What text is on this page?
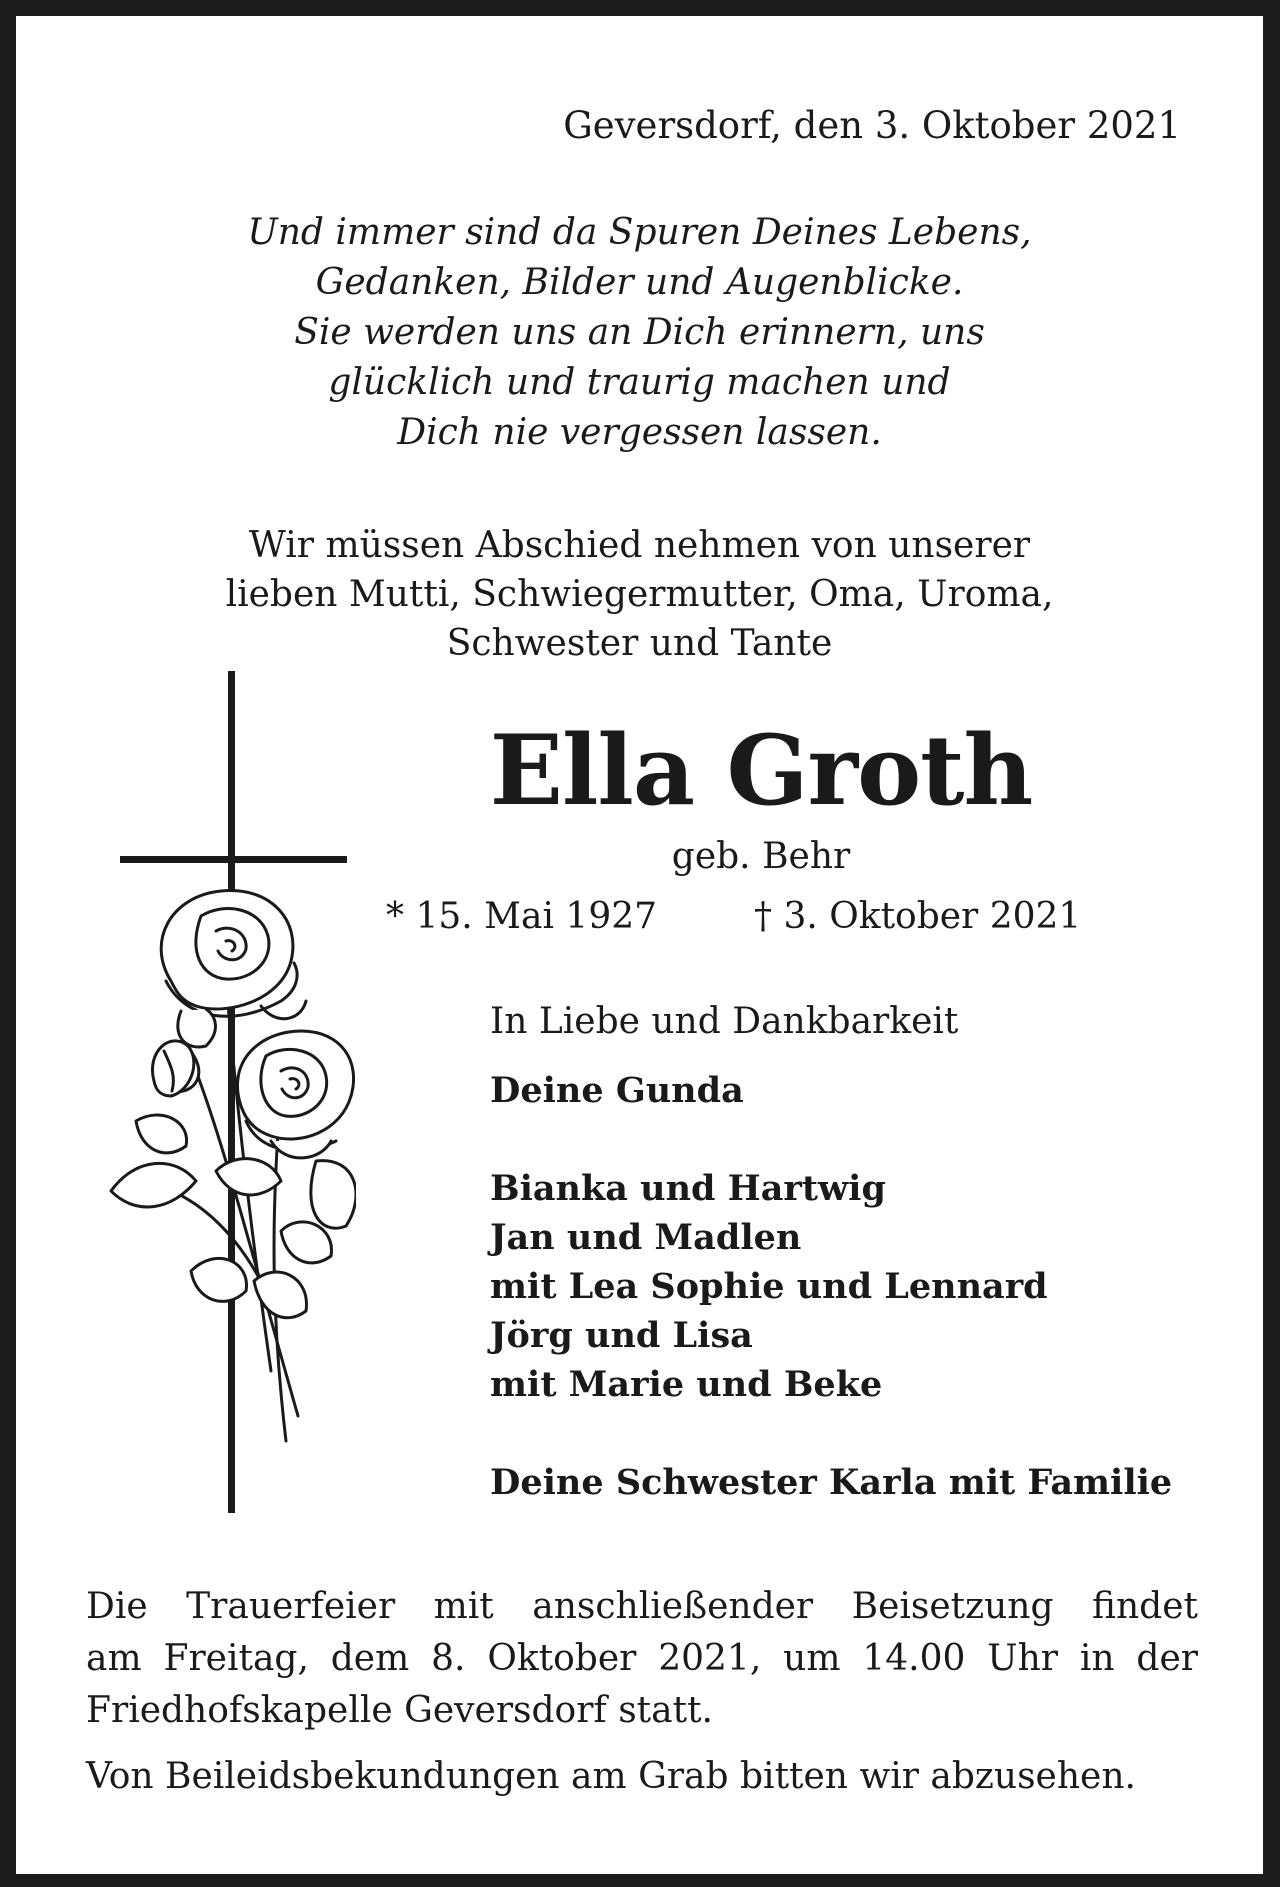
Geversdorf, den 3. Oktober 2021

Und immer sind da Spuren Deines Lebens,
Gedanken, Bilder und Augenblicke.
Sie werden uns an Dich erinnern, uns
glücklich und traurig machen und
Dich nie vergessen lassen.
Wir müssen Abschied nehmen von unserer
lieben Mutti, Schwiegermutter, Oma, Uroma,
Schwester und Tante

Ella Groth

geb. Behr

* 15. Mai 1927	† 3. Oktober 2021

In Liebe und Dankbarkeit

Deine Gunda
Bianka und Hartwig
Jan und Madlen
mit Lea Sophie und Lennard
Jörg und Lisa
mit Marie und Beke
Deine Schwester Karla mit Familie
Die Trauerfeier mit anschließender Beisetzung findet
am Freitag, dem 8. Oktober 2021, um 14.00 Uhr in der
Friedhofskapelle Geversdorf statt.

Von Beileidsbekundungen am Grab bitten wir abzusehen.
